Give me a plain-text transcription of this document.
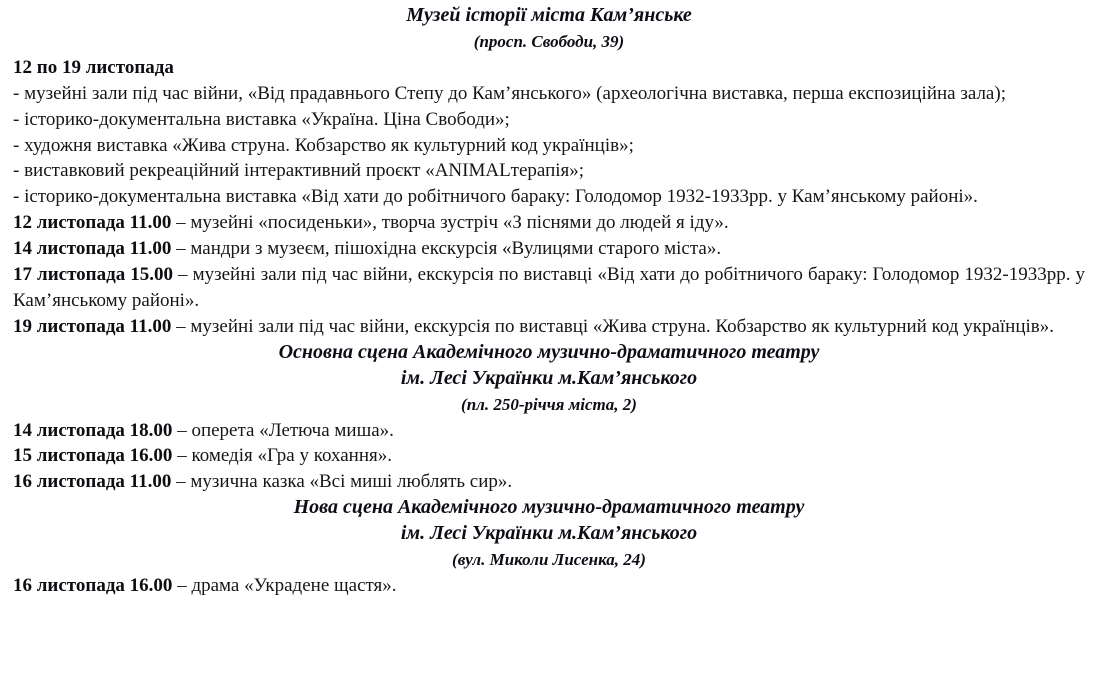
Музей історії міста Кам’янське

(просп. Свободи, 39)

12 по 19 листопада

- музейні зали під час війни, «Від прадавнього Степу до Кам’янського» (археологічна виставка, перша експозиційна зала);

- історико-документальна виставка «Україна. Ціна Свободи»;

- художня виставка «Жива струна. Кобзарство як культурний код українців»;

- виставковий рекреаційний інтерактивний проєкт «ANIMALтерапія»;

- історико-документальна виставка «Від хати до робітничого бараку: Голодомор 1932-1933рр. у Кам’янському районі».

12 листопада 11.00 – музейні «посиденьки», творча зустріч «З піснями до людей я іду».

14 листопада 11.00 – мандри з музеєм, пішохідна екскурсія «Вулицями старого міста».

17 листопада 15.00 – музейні зали під час війни, екскурсія по виставці «Від хати до робітничого бараку: Голодомор 1932-1933рр. у Кам’янському районі».

19 листопада 11.00 – музейні зали під час війни, екскурсія по виставці «Жива струна. Кобзарство як культурний код українців».

Основна сцена Академічного музично-драматичного театру

ім. Лесі Українки м.Кам’янського

(пл. 250-річчя міста, 2)

14 листопада 18.00 – оперета «Летюча миша».

15 листопада 16.00 – комедія «Гра у кохання».

16 листопада 11.00 – музична казка «Всі миші люблять сир».

Нова сцена Академічного музично-драматичного театру

ім. Лесі Українки м.Кам’янського

(вул. Миколи Лисенка, 24)

16 листопада 16.00 – драма «Украдене щастя».
